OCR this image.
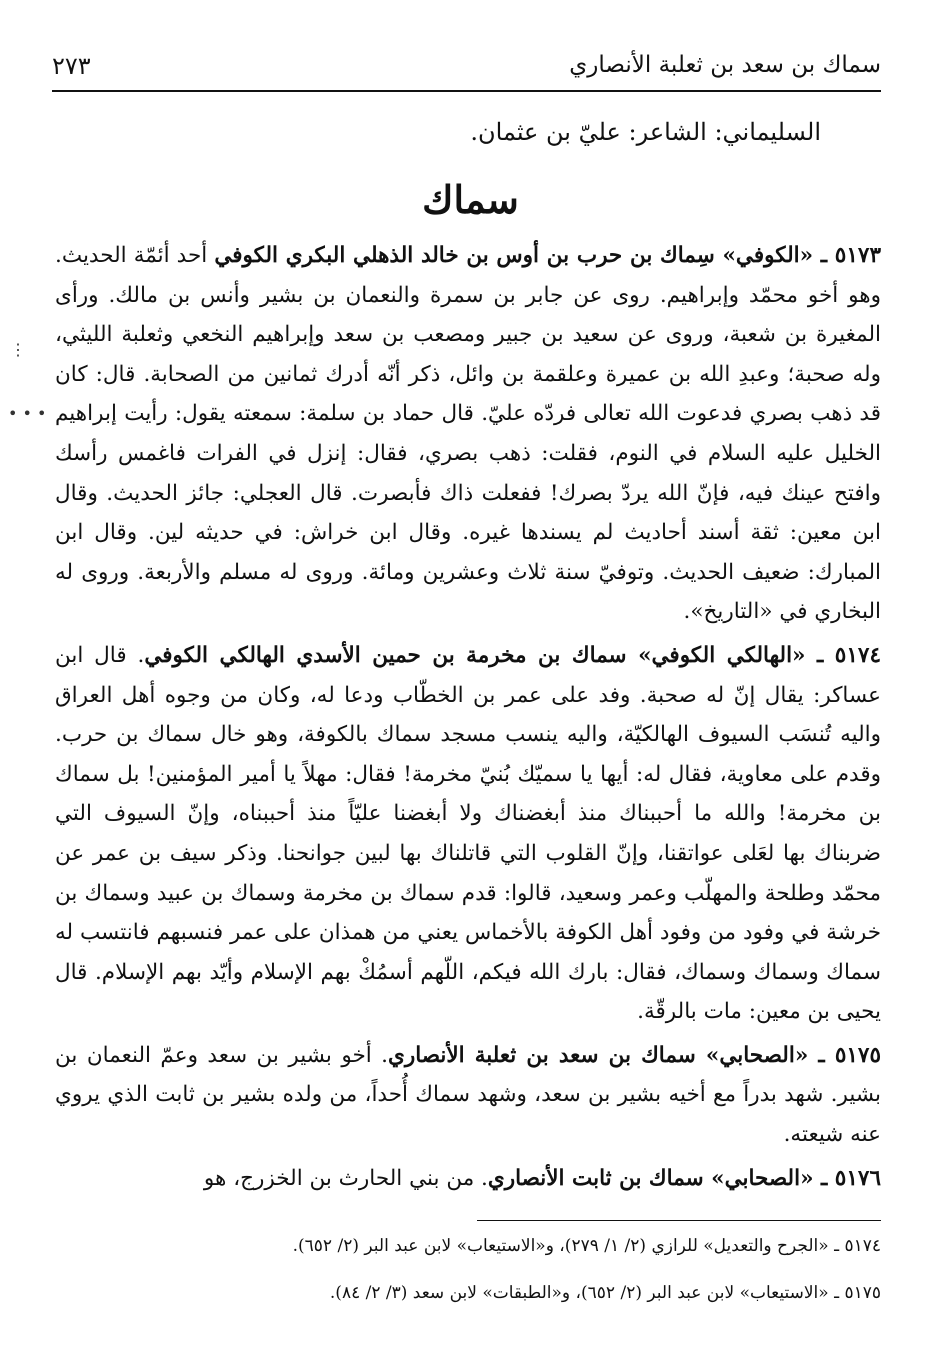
سماك بن سعد بن ثعلبة الأنصاري
٢٧٣
السليماني: الشاعر: عليّ بن عثمان.
سماك

٥١٧٣ ـ «الكوفي» سِماك بن حرب بن أوس بن خالد الذهلي البكري الكوفي أحد أئمّة الحديث. وهو أخو محمّد وإبراهيم. روى عن جابر بن سمرة والنعمان بن بشير وأنس بن مالك. ورأى المغيرة بن شعبة، وروى عن سعيد بن جبير ومصعب بن سعد وإبراهيم النخعي وثعلبة الليثي، وله صحبة؛ وعبدِ الله بن عميرة وعلقمة بن وائل، ذكر أنّه أدرك ثمانين من الصحابة. قال: كان قد ذهب بصري فدعوت الله تعالى فردّه عليّ. قال حماد بن سلمة: سمعته يقول: رأيت إبراهيم الخليل عليه السلام في النوم، فقلت: ذهب بصري، فقال: إنزل في الفرات فاغمس رأسك وافتح عينك فيه، فإنّ الله يردّ بصرك! ففعلت ذاك فأبصرت. قال العجلي: جائز الحديث. وقال ابن معين: ثقة أسند أحاديث لم يسندها غيره. وقال ابن خراش: في حديثه لين. وقال ابن المبارك: ضعيف الحديث. وتوفيّ سنة ثلاث وعشرين ومائة. وروى له مسلم والأربعة. وروى له البخاري في «التاريخ».

٥١٧٤ ـ «الهالكي الكوفي» سماك بن مخرمة بن حمين الأسدي الهالكي الكوفي. قال ابن عساكر: يقال إنّ له صحبة. وفد على عمر بن الخطّاب ودعا له، وكان من وجوه أهل العراق واليه تُنسَب السيوف الهالكيّة، واليه ينسب مسجد سماك بالكوفة، وهو خال سماك بن حرب. وقدم على معاوية، فقال له: أيها يا سميّك بُنيّ مخرمة! فقال: مهلاً يا أمير المؤمنين! بل سماك بن مخرمة! والله ما أحببناك منذ أبغضناك ولا أبغضنا عليّاً منذ أحببناه، وإنّ السيوف التي ضربناك بها لعَلى عواتقنا، وإنّ القلوب التي قاتلناك بها لبين جوانحنا. وذكر سيف بن عمر عن محمّد وطلحة والمهلّب وعمر وسعيد، قالوا: قدم سماك بن مخرمة وسماك بن عبيد وسماك بن خرشة في وفود من وفود أهل الكوفة بالأخماس يعني من همذان على عمر فنسبهم فانتسب له سماك وسماك وسماك، فقال: بارك الله فيكم، اللّهم أسمُكْ بهم الإسلام وأيّد بهم الإسلام. قال يحيى بن معين: مات بالرقّة.

٥١٧٥ ـ «الصحابي» سماك بن سعد بن ثعلبة الأنصاري. أخو بشير بن سعد وعمّ النعمان بن بشير. شهد بدراً مع أخيه بشير بن سعد، وشهد سماك أُحداً، من ولده بشير بن ثابت الذي يروي عنه شيعته.

٥١٧٦ ـ «الصحابي» سماك بن ثابت الأنصاري. من بني الحارث بن الخزرج، هو

٥١٧٤ ـ «الجرح والتعديل» للرازي (٢/ ١/ ٢٧٩)، و«الاستيعاب» لابن عبد البر (٢/ ٦٥٢).
٥١٧٥ ـ «الاستيعاب» لابن عبد البر (٢/ ٦٥٢)، و«الطبقات» لابن سعد (٣/ ٢/ ٨٤).
⋮
• • •
